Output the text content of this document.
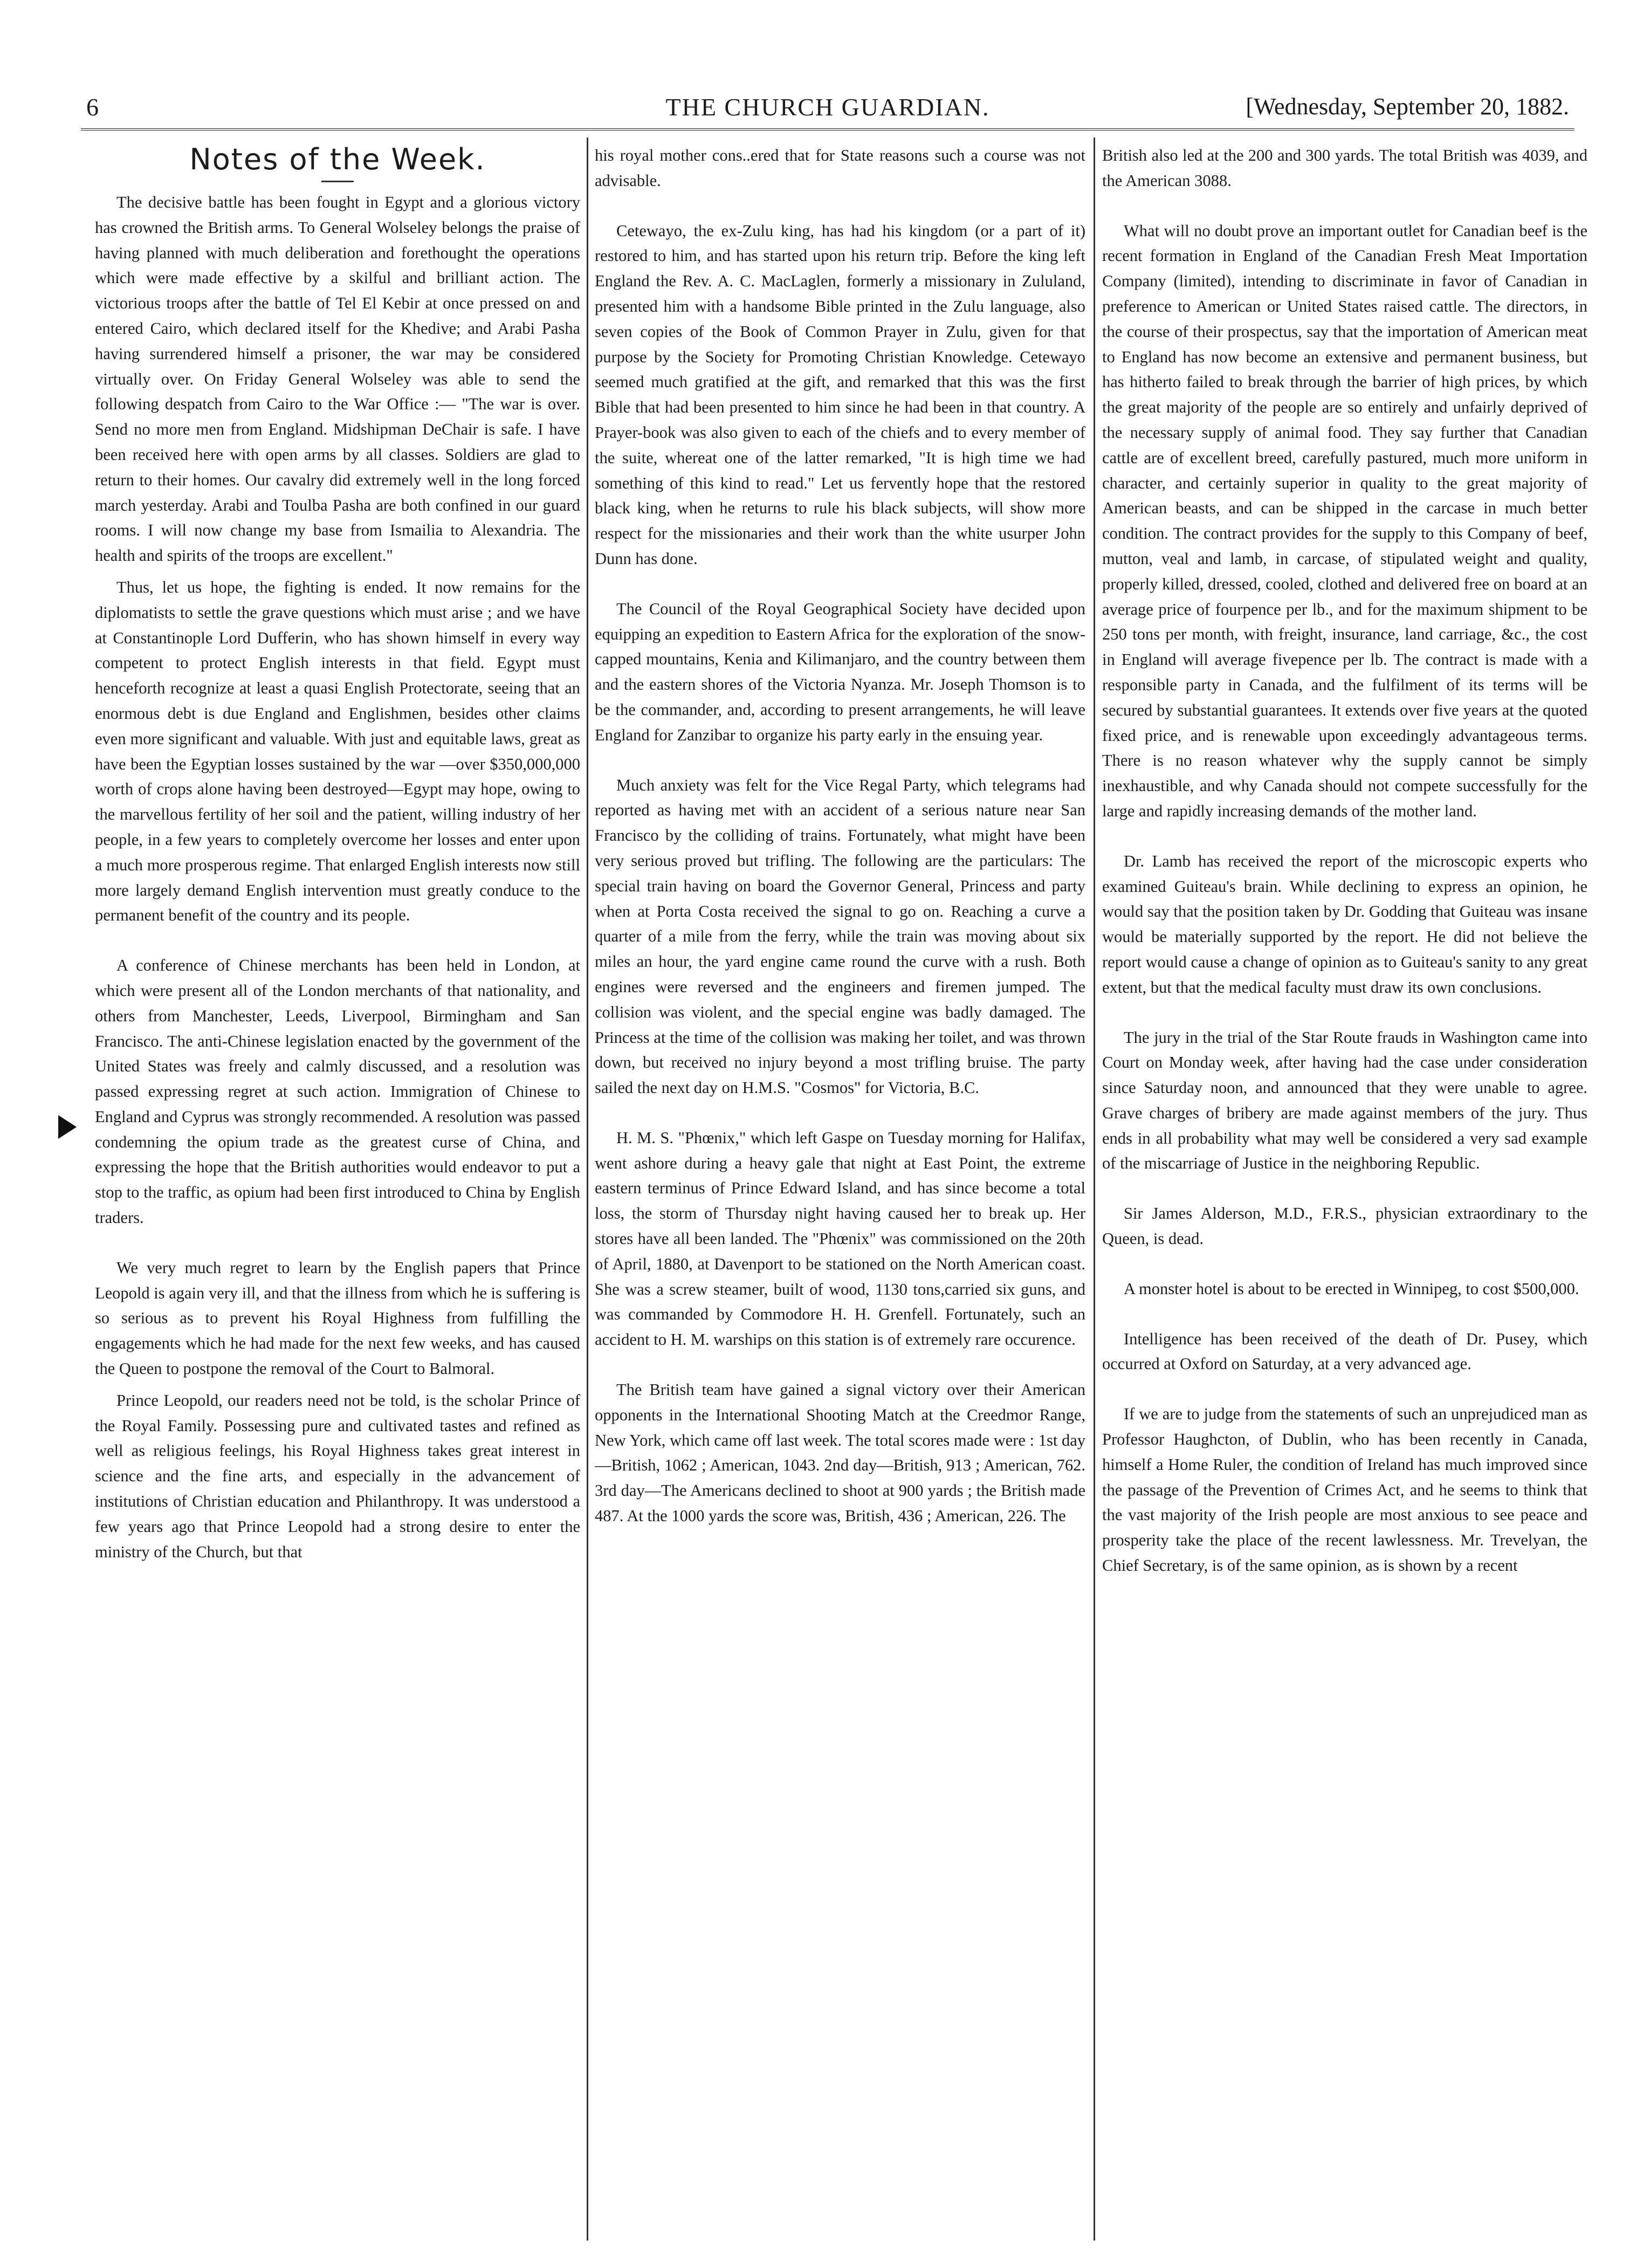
6	THE CHURCH GUARDIAN.	[Wednesday, September 20, 1882.
Notes of the Week.

The decisive battle has been fought in Egypt and a glorious victory has crowned the British arms. To General Wolseley belongs the praise of having planned with much deliberation and forethought the operations which were made effective by a skilful and brilliant action. The victorious troops after the battle of Tel El Kebir at once pressed on and entered Cairo, which declared itself for the Khedive; and Arabi Pasha having surrendered himself a prisoner, the war may be considered virtually over. On Friday General Wolseley was able to send the following despatch from Cairo to the War Office :— "The war is over. Send no more men from England. Midshipman DeChair is safe. I have been received here with open arms by all classes. Soldiers are glad to return to their homes. Our cavalry did extremely well in the long forced march yesterday. Arabi and Toulba Pasha are both confined in our guard rooms. I will now change my base from Ismailia to Alexandria. The health and spirits of the troops are excellent."

Thus, let us hope, the fighting is ended. It now remains for the diplomatists to settle the grave questions which must arise ; and we have at Constantinople Lord Dufferin, who has shown himself in every way competent to protect English interests in that field. Egypt must henceforth recognize at least a quasi English Protectorate, seeing that an enormous debt is due England and Englishmen, besides other claims even more significant and valuable. With just and equitable laws, great as have been the Egyptian losses sustained by the war —over $350,000,000 worth of crops alone having been destroyed—Egypt may hope, owing to the marvellous fertility of her soil and the patient, willing industry of her people, in a few years to completely overcome her losses and enter upon a much more prosperous regime. That enlarged English interests now still more largely demand English intervention must greatly conduce to the permanent benefit of the country and its people.

A conference of Chinese merchants has been held in London, at which were present all of the London merchants of that nationality, and others from Manchester, Leeds, Liverpool, Birmingham and San Francisco. The anti-Chinese legislation enacted by the government of the United States was freely and calmly discussed, and a resolution was passed expressing regret at such action. Immigration of Chinese to England and Cyprus was strongly recommended. A resolution was passed condemning the opium trade as the greatest curse of China, and expressing the hope that the British authorities would endeavor to put a stop to the traffic, as opium had been first introduced to China by English traders.

We very much regret to learn by the English papers that Prince Leopold is again very ill, and that the illness from which he is suffering is so serious as to prevent his Royal Highness from fulfilling the engagements which he had made for the next few weeks, and has caused the Queen to postpone the removal of the Court to Balmoral.

Prince Leopold, our readers need not be told, is the scholar Prince of the Royal Family. Possessing pure and cultivated tastes and refined as well as religious feelings, his Royal Highness takes great interest in science and the fine arts, and especially in the advancement of institutions of Christian education and Philanthropy. It was understood a few years ago that Prince Leopold had a strong desire to enter the ministry of the Church, but that

his royal mother cons..ered that for State reasons such a course was not advisable.

Cetewayo, the ex-Zulu king, has had his kingdom (or a part of it) restored to him, and has started upon his return trip. Before the king left England the Rev. A. C. MacLaglen, formerly a missionary in Zululand, presented him with a handsome Bible printed in the Zulu language, also seven copies of the Book of Common Prayer in Zulu, given for that purpose by the Society for Promoting Christian Knowledge. Cetewayo seemed much gratified at the gift, and remarked that this was the first Bible that had been presented to him since he had been in that country. A Prayer-book was also given to each of the chiefs and to every member of the suite, whereat one of the latter remarked, "It is high time we had something of this kind to read." Let us fervently hope that the restored black king, when he returns to rule his black subjects, will show more respect for the missionaries and their work than the white usurper John Dunn has done.

The Council of the Royal Geographical Society have decided upon equipping an expedition to Eastern Africa for the exploration of the snow-capped mountains, Kenia and Kilimanjaro, and the country between them and the eastern shores of the Victoria Nyanza. Mr. Joseph Thomson is to be the commander, and, according to present arrangements, he will leave England for Zanzibar to organize his party early in the ensuing year.

Much anxiety was felt for the Vice Regal Party, which telegrams had reported as having met with an accident of a serious nature near San Francisco by the colliding of trains. Fortunately, what might have been very serious proved but trifling. The following are the particulars: The special train having on board the Governor General, Princess and party when at Porta Costa received the signal to go on. Reaching a curve a quarter of a mile from the ferry, while the train was moving about six miles an hour, the yard engine came round the curve with a rush. Both engines were reversed and the engineers and firemen jumped. The collision was violent, and the special engine was badly damaged. The Princess at the time of the collision was making her toilet, and was thrown down, but received no injury beyond a most trifling bruise. The party sailed the next day on H.M.S. "Cosmos" for Victoria, B.C.

H. M. S. "Phœnix," which left Gaspe on Tuesday morning for Halifax, went ashore during a heavy gale that night at East Point, the extreme eastern terminus of Prince Edward Island, and has since become a total loss, the storm of Thursday night having caused her to break up. Her stores have all been landed. The "Phœnix" was commissioned on the 20th of April, 1880, at Davenport to be stationed on the North American coast. She was a screw steamer, built of wood, 1130 tons,carried six guns, and was commanded by Commodore H. H. Grenfell. Fortunately, such an accident to H. M. warships on this station is of extremely rare occurence.

The British team have gained a signal victory over their American opponents in the International Shooting Match at the Creedmor Range, New York, which came off last week. The total scores made were : 1st day—British, 1062 ; American, 1043. 2nd day—British, 913 ; American, 762. 3rd day—The Americans declined to shoot at 900 yards ; the British made 487. At the 1000 yards the score was, British, 436 ; American, 226. The

British also led at the 200 and 300 yards. The total British was 4039, and the American 3088.

What will no doubt prove an important outlet for Canadian beef is the recent formation in England of the Canadian Fresh Meat Importation Company (limited), intending to discriminate in favor of Canadian in preference to American or United States raised cattle. The directors, in the course of their prospectus, say that the importation of American meat to England has now become an extensive and permanent business, but has hitherto failed to break through the barrier of high prices, by which the great majority of the people are so entirely and unfairly deprived of the necessary supply of animal food. They say further that Canadian cattle are of excellent breed, carefully pastured, much more uniform in character, and certainly superior in quality to the great majority of American beasts, and can be shipped in the carcase in much better condition. The contract provides for the supply to this Company of beef, mutton, veal and lamb, in carcase, of stipulated weight and quality, properly killed, dressed, cooled, clothed and delivered free on board at an average price of fourpence per lb., and for the maximum shipment to be 250 tons per month, with freight, insurance, land carriage, &c., the cost in England will average fivepence per lb. The contract is made with a responsible party in Canada, and the fulfilment of its terms will be secured by substantial guarantees. It extends over five years at the quoted fixed price, and is renewable upon exceedingly advantageous terms. There is no reason whatever why the supply cannot be simply inexhaustible, and why Canada should not compete successfully for the large and rapidly increasing demands of the mother land.

Dr. Lamb has received the report of the microscopic experts who examined Guiteau's brain. While declining to express an opinion, he would say that the position taken by Dr. Godding that Guiteau was insane would be materially supported by the report. He did not believe the report would cause a change of opinion as to Guiteau's sanity to any great extent, but that the medical faculty must draw its own conclusions.

The jury in the trial of the Star Route frauds in Washington came into Court on Monday week, after having had the case under consideration since Saturday noon, and announced that they were unable to agree. Grave charges of bribery are made against members of the jury. Thus ends in all probability what may well be considered a very sad example of the miscarriage of Justice in the neighboring Republic.

Sir James Alderson, M.D., F.R.S., physician extraordinary to the Queen, is dead.

A monster hotel is about to be erected in Winnipeg, to cost $500,000.

Intelligence has been received of the death of Dr. Pusey, which occurred at Oxford on Saturday, at a very advanced age.

If we are to judge from the statements of such an unprejudiced man as Professor Haughcton, of Dublin, who has been recently in Canada, himself a Home Ruler, the condition of Ireland has much improved since the passage of the Prevention of Crimes Act, and he seems to think that the vast majority of the Irish people are most anxious to see peace and prosperity take the place of the recent lawlessness. Mr. Trevelyan, the Chief Secretary, is of the same opinion, as is shown by a recent
